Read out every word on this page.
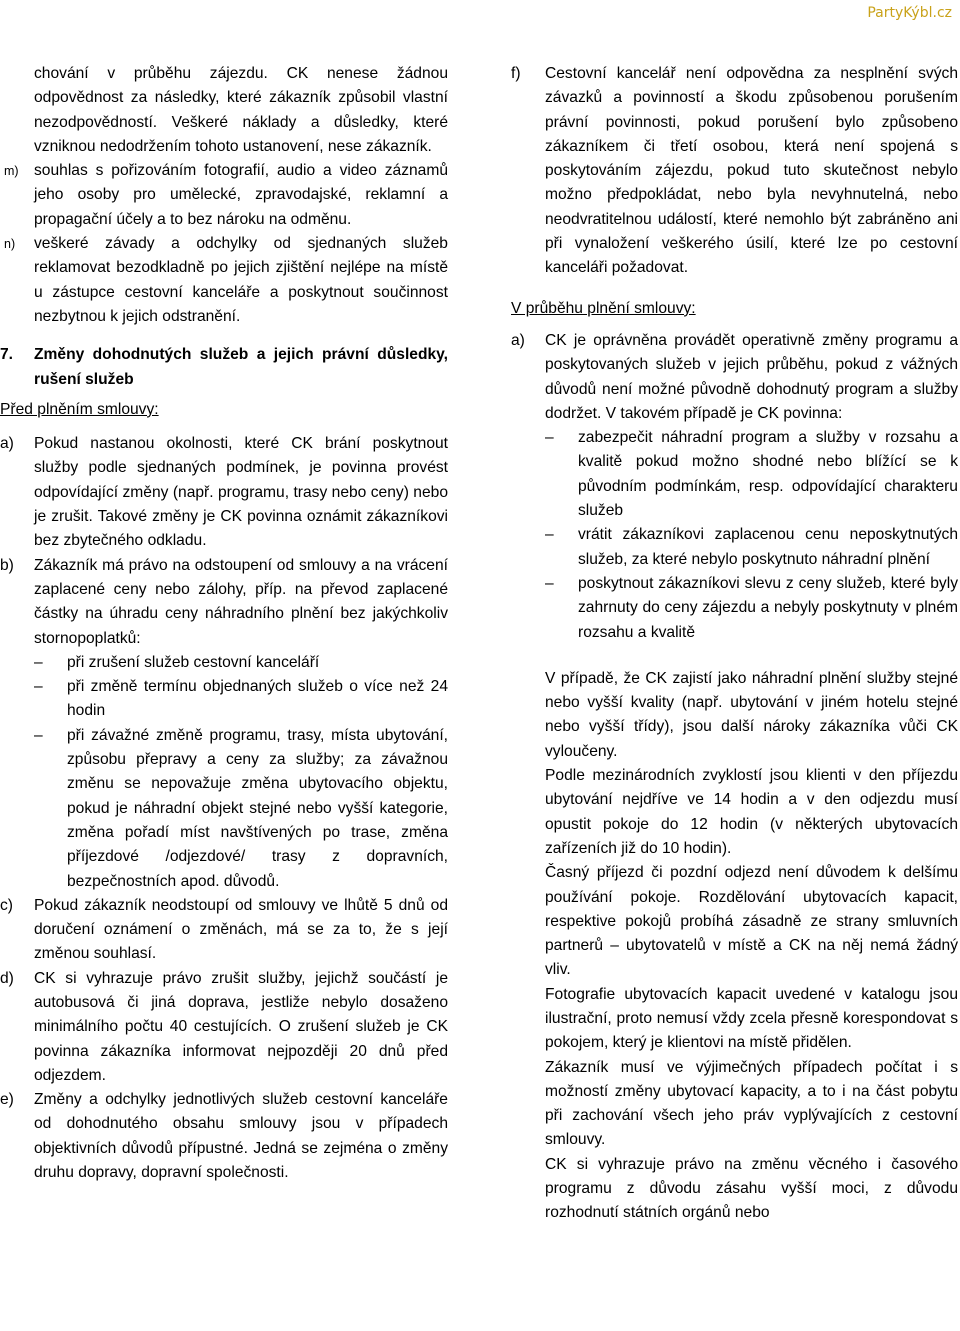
PartyKýbl.cz

chování v průběhu zájezdu. CK nenese žádnou odpovědnost za následky, které zákazník způsobil vlastní nezodpovědností. Veškeré náklady a důsledky, které vzniknou nedodržením tohoto ustanovení, nese zákazník.

m) souhlas s pořizováním fotografií, audio a video záznamů jeho osoby pro umělecké, zpravodajské, reklamní a propagační účely a to bez nároku na odměnu.

n) veškeré závady a odchylky od sjednaných služeb reklamovat bezodkladně po jejich zjištění nejlépe na místě u zástupce cestovní kanceláře a poskytnout součinnost nezbytnou k jejich odstranění.

7. Změny dohodnutých služeb a jejich právní důsledky, rušení služeb
Před plněním smlouvy:
a) Pokud nastanou okolnosti, které CK brání poskytnout služby podle sjednaných podmínek, je povinna provést odpovídající změny (např. programu, trasy nebo ceny) nebo je zrušit. Takové změny je CK povinna oznámit zákazníkovi bez zbytečného odkladu.

b) Zákazník má právo na odstoupení od smlouvy a na vrácení zaplacené ceny nebo zálohy, příp. na převod zaplacené částky na úhradu ceny náhradního plnění bez jakýchkoliv stornopoplatků:

– při zrušení služeb cestovní kanceláří
– při změně termínu objednaných služeb o více než 24 hodin
– při závažné změně programu, trasy, místa ubytování, způsobu přepravy a ceny za služby; za závažnou změnu se nepovažuje změna ubytovacího objektu, pokud je náhradní objekt stejné nebo vyšší kategorie, změna pořadí míst navštívených po trase, změna příjezdové /odjezdové/ trasy z dopravních, bezpečnostních apod. důvodů.
c) Pokud zákazník neodstoupí od smlouvy ve lhůtě 5 dnů od doručení oznámení o změnách, má se za to, že s její změnou souhlasí.

d) CK si vyhrazuje právo zrušit služby, jejichž součástí je autobusová či jiná doprava, jestliže nebylo dosaženo minimálního počtu 40 cestujících. O zrušení služeb je CK povinna zákazníka informovat nejpozději 20 dnů před odjezdem.

e) Změny a odchylky jednotlivých služeb cestovní kanceláře od dohodnutého obsahu smlouvy jsou v případech objektivních důvodů přípustné. Jedná se zejména o změny druhu dopravy, dopravní společnosti.

f) Cestovní kancelář není odpovědna za nesplnění svých závazků a povinností a škodu způsobenou porušením právní povinnosti, pokud porušení bylo způsobeno zákazníkem či třetí osobou, která není spojená s poskytováním zájezdu, pokud tuto skutečnost nebylo možno předpokládat, nebo byla nevyhnutelná, nebo neodvratitelnou událostí, které nemohlo být zabráněno ani při vynaložení veškerého úsilí, které lze po cestovní kanceláři požadovat.

V průběhu plnění smlouvy:
a) CK je oprávněna provádět operativně změny programu a poskytovaných služeb v jejich průběhu, pokud z vážných důvodů není možné původně dohodnutý program a služby dodržet. V takovém případě je CK povinna:

– zabezpečit náhradní program a služby v rozsahu a kvalitě pokud možno shodné nebo blížící se k původním podmínkám, resp. odpovídající charakteru služeb
– vrátit zákazníkovi zaplacenou cenu neposkytnutých služeb, za které nebylo poskytnuto náhradní plnění
– poskytnout zákazníkovi slevu z ceny služeb, které byly zahrnuty do ceny zájezdu a nebyly poskytnuty v plném rozsahu a kvalitě

V případě, že CK zajistí jako náhradní plnění služby stejné nebo vyšší kvality (např. ubytování v jiném hotelu stejné nebo vyšší třídy), jsou další nároky zákazníka vůči CK vyloučeny.

Podle mezinárodních zvyklostí jsou klienti v den příjezdu ubytování nejdříve ve 14 hodin a v den odjezdu musí opustit pokoje do 12 hodin (v některých ubytovacích zařízeních již do 10 hodin).

Časný příjezd či pozdní odjezd není důvodem k delšímu používání pokoje. Rozdělování ubytovacích kapacit, respektive pokojů probíhá zásadně ze strany smluvních partnerů – ubytovatelů v místě a CK na něj nemá žádný vliv.

Fotografie ubytovacích kapacit uvedené v katalogu jsou ilustrační, proto nemusí vždy zcela přesně korespondovat s pokojem, který je klientovi na místě přidělen.

Zákazník musí ve výjimečných případech počítat i s možností změny ubytovací kapacity, a to i na část pobytu při zachování všech jeho práv vyplývajících z cestovní smlouvy.

CK si vyhrazuje právo na změnu věcného i časového programu z důvodu zásahu vyšší moci, z důvodu rozhodnutí státních orgánů nebo
